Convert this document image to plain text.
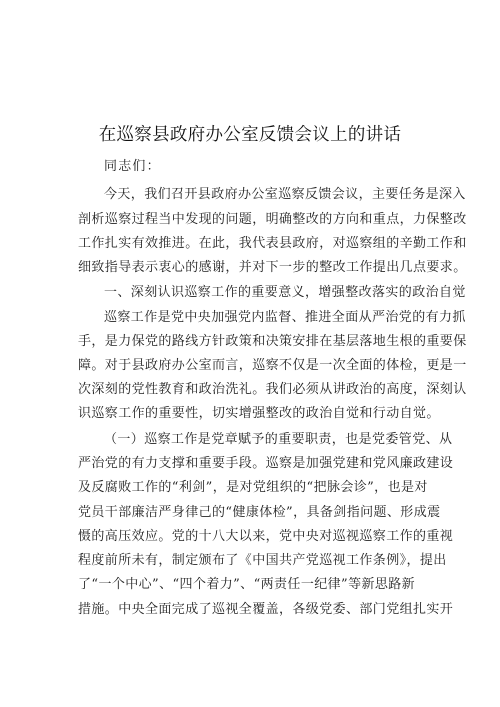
在巡察县政府办公室反馈会议上的讲话
同志们：
今天，我们召开县政府办公室巡察反馈会议，主要任务是深入
剖析巡察过程当中发现的问题，明确整改的方向和重点，力保整改
工作扎实有效推进。在此，我代表县政府，对巡察组的辛勤工作和
细致指导表示衷心的感谢，并对下一步的整改工作提出几点要求。
一、深刻认识巡察工作的重要意义，增强整改落实的政治自觉
巡察工作是党中央加强党内监督、推进全面从严治党的有力抓
手，是力保党的路线方针政策和决策安排在基层落地生根的重要保
障。对于县政府办公室而言，巡察不仅是一次全面的体检，更是一
次深刻的党性教育和政治洗礼。我们必须从讲政治的高度，深刻认
识巡察工作的重要性，切实增强整改的政治自觉和行动自觉。
（一）巡察工作是党章赋予的重要职责，也是党委管党、从
严治党的有力支撑和重要手段。巡察是加强党建和党风廉政建设
及反腐败工作的“利剑”，是对党组织的“把脉会诊”，也是对
党员干部廉洁严身律己的“健康体检”，具备剑指问题、形成震
慑的高压效应。党的十八大以来，党中央对巡视巡察工作的重视
程度前所未有，制定颁布了《中国共产党巡视工作条例》，提出
了“一个中心”、“四个着力”、“两责任一纪律”等新思路新
措施。中央全面完成了巡视全覆盖，各级党委、部门党组扎实开
